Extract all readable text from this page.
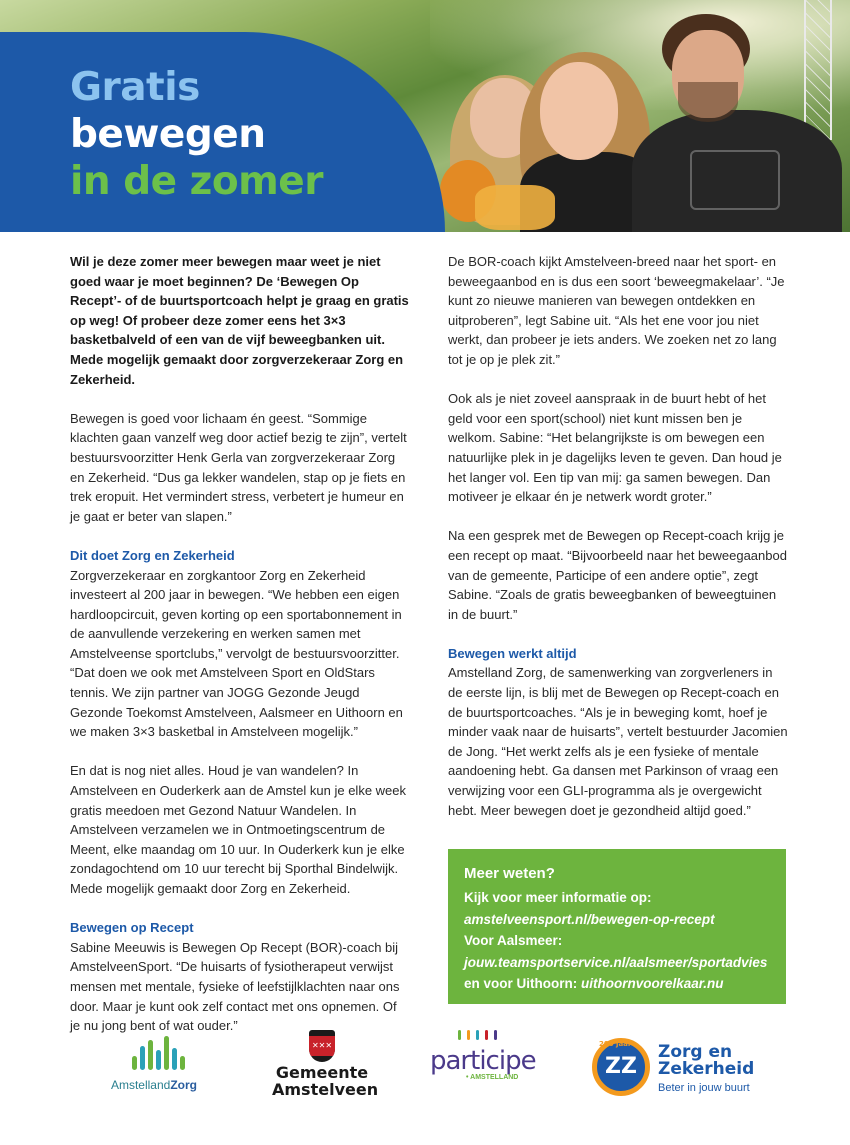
Gratis
bewegen
in de zomer

Wil je deze zomer meer bewegen maar weet je niet goed waar je moet beginnen? De ‘Bewegen Op Recept’- of de buurtsportcoach helpt je graag en gratis op weg! Of probeer deze zomer eens het 3×3 basketbalveld of een van de vijf beweegbanken uit. Mede mogelijk gemaakt door zorgverzekeraar Zorg en Zekerheid.

Bewegen is goed voor lichaam én geest. “Sommige klachten gaan vanzelf weg door actief bezig te zijn”, vertelt bestuursvoorzitter Henk Gerla van zorgverzekeraar Zorg en Zekerheid. “Dus ga lekker wandelen, stap op je fiets en trek eropuit. Het vermindert stress, verbetert je humeur en je gaat er beter van slapen.”

Dit doet Zorg en Zekerheid

Zorgverzekeraar en zorgkantoor Zorg en Zekerheid investeert al 200 jaar in bewegen. “We hebben een eigen hardloopcircuit, geven korting op een sportabonnement in de aanvullende verzekering en werken samen met Amstelveense sportclubs,” vervolgt de bestuursvoorzitter. “Dat doen we ook met Amstelveen Sport en OldStars tennis. We zijn partner van JOGG Gezonde Jeugd Gezonde Toekomst Amstelveen, Aalsmeer en Uithoorn en we maken 3×3 basketbal in Amstelveen mogelijk.”

En dat is nog niet alles. Houd je van wandelen? In Amstelveen en Ouderkerk aan de Amstel kun je elke week gratis meedoen met Gezond Natuur Wandelen. In Amstelveen verzamelen we in Ontmoetingscentrum de Meent, elke maandag om 10 uur. In Ouderkerk kun je elke zondagochtend om 10 uur terecht bij Sporthal Bindelwijk. Mede mogelijk gemaakt door Zorg en Zekerheid.

Bewegen op Recept

Sabine Meeuwis is Bewegen Op Recept (BOR)-coach bij AmstelveenSport. “De huisarts of fysiotherapeut verwijst mensen met mentale, fysieke of leefstijlklachten naar ons door. Maar je kunt ook zelf contact met ons opnemen. Of je nu jong bent of wat ouder.”

De BOR-coach kijkt Amstelveen-breed naar het sport- en beweegaanbod en is dus een soort ‘beweegmakelaar’. “Je kunt zo nieuwe manieren van bewegen ontdekken en uitproberen”, legt Sabine uit. “Als het ene voor jou niet werkt, dan probeer je iets anders. We zoeken net zo lang tot je op je plek zit.”

Ook als je niet zoveel aanspraak in de buurt hebt of het geld voor een sport(school) niet kunt missen ben je welkom. Sabine: “Het belangrijkste is om bewegen een natuurlijke plek in je dagelijks leven te geven. Dan houd je het langer vol. Een tip van mij: ga samen bewegen. Dan motiveer je elkaar én je netwerk wordt groter.”

Na een gesprek met de Bewegen op Recept-coach krijg je een recept op maat. “Bijvoorbeeld naar het beweegaanbod van de gemeente, Participe of een andere optie”, zegt Sabine. “Zoals de gratis beweegbanken of beweegtuinen in de buurt.”

Bewegen werkt altijd

Amstelland Zorg, de samenwerking van zorgverleners in de eerste lijn, is blij met de Bewegen op Recept-coach en de buurtsportcoaches. “Als je in beweging komt, hoef je minder vaak naar de huisarts”, vertelt bestuurder Jacomien de Jong. “Het werkt zelfs als je een fysieke of mentale aandoening hebt. Ga dansen met Parkinson of vraag een verwijzing voor een GLI-programma als je overgewicht hebt. Meer bewegen doet je gezondheid altijd goed.”

Meer weten?
Kijk voor meer informatie op:
amstelveensport.nl/bewegen-op-recept
Voor Aalsmeer:
jouw.teamsportservice.nl/aalsmeer/sportadvies
en voor Uithoorn: uithoornvoorelkaar.nu
AmstellandZorg
✕✕✕
Gemeente
Amstelveen
participe
• AMSTELLAND
200 jaar
ZZ
Zorg en
Zekerheid
Beter in jouw buurt
